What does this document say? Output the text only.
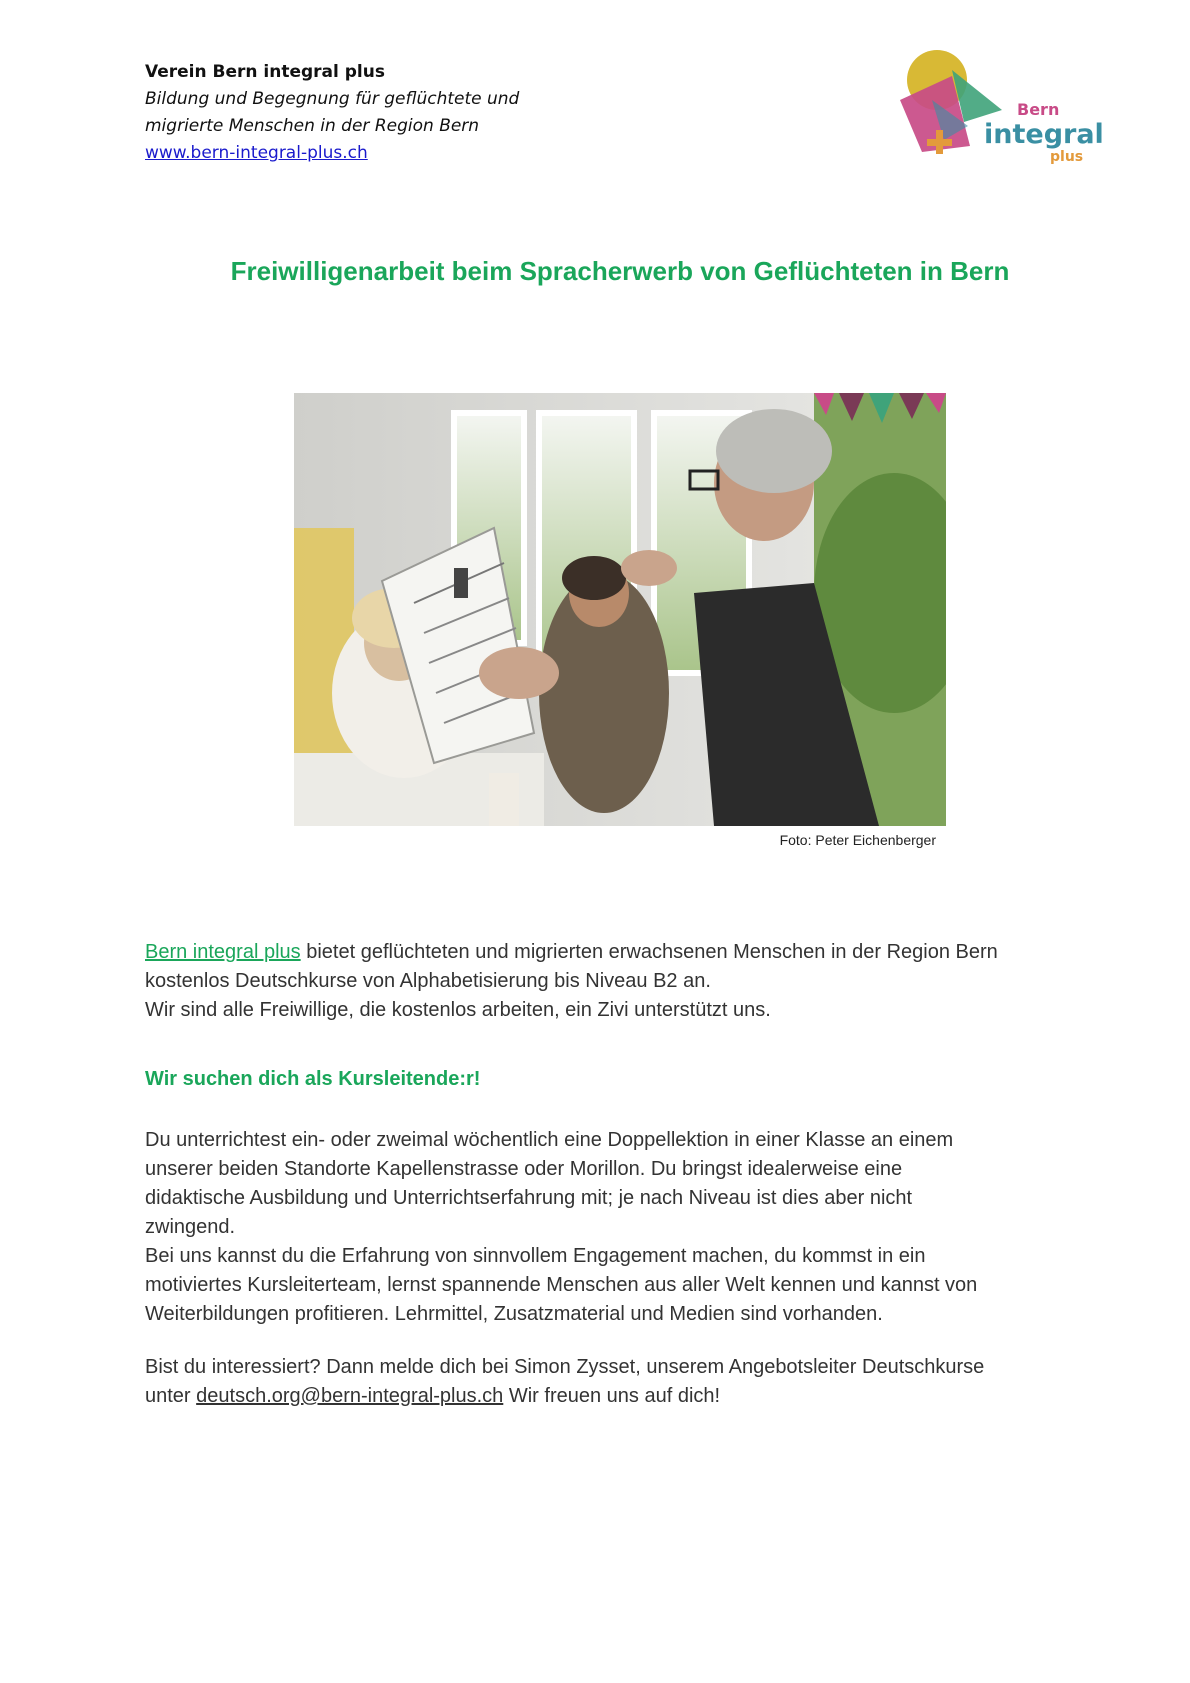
Verein Bern integral plus
Bildung und Begegnung für geflüchtete und
migrierte Menschen in der Region Bern
www.bern-integral-plus.ch
Bern
integral
plus
Freiwilligenarbeit beim Spracherwerb von Geflüchteten in Bern
Foto: Peter Eichenberger
Bern integral plus bietet geflüchteten und migrierten erwachsenen Menschen in der Region Bern
kostenlos Deutschkurse von Alphabetisierung bis Niveau B2 an.
Wir sind alle Freiwillige, die kostenlos arbeiten, ein Zivi unterstützt uns.
Wir suchen dich als Kursleitende:r!
Du unterrichtest ein- oder zweimal wöchentlich eine Doppellektion in einer Klasse an einem
unserer beiden Standorte Kapellenstrasse oder Morillon. Du bringst idealerweise eine
didaktische Ausbildung und Unterrichtserfahrung mit; je nach Niveau ist dies aber nicht
zwingend.
Bei uns kannst du die Erfahrung von sinnvollem Engagement machen, du kommst in ein
motiviertes Kursleiterteam, lernst spannende Menschen aus aller Welt kennen und kannst von
Weiterbildungen profitieren. Lehrmittel, Zusatzmaterial und Medien sind vorhanden.
Bist du interessiert? Dann melde dich bei Simon Zysset, unserem Angebotsleiter Deutschkurse
unter deutsch.org@bern-integral-plus.ch Wir freuen uns auf dich!
